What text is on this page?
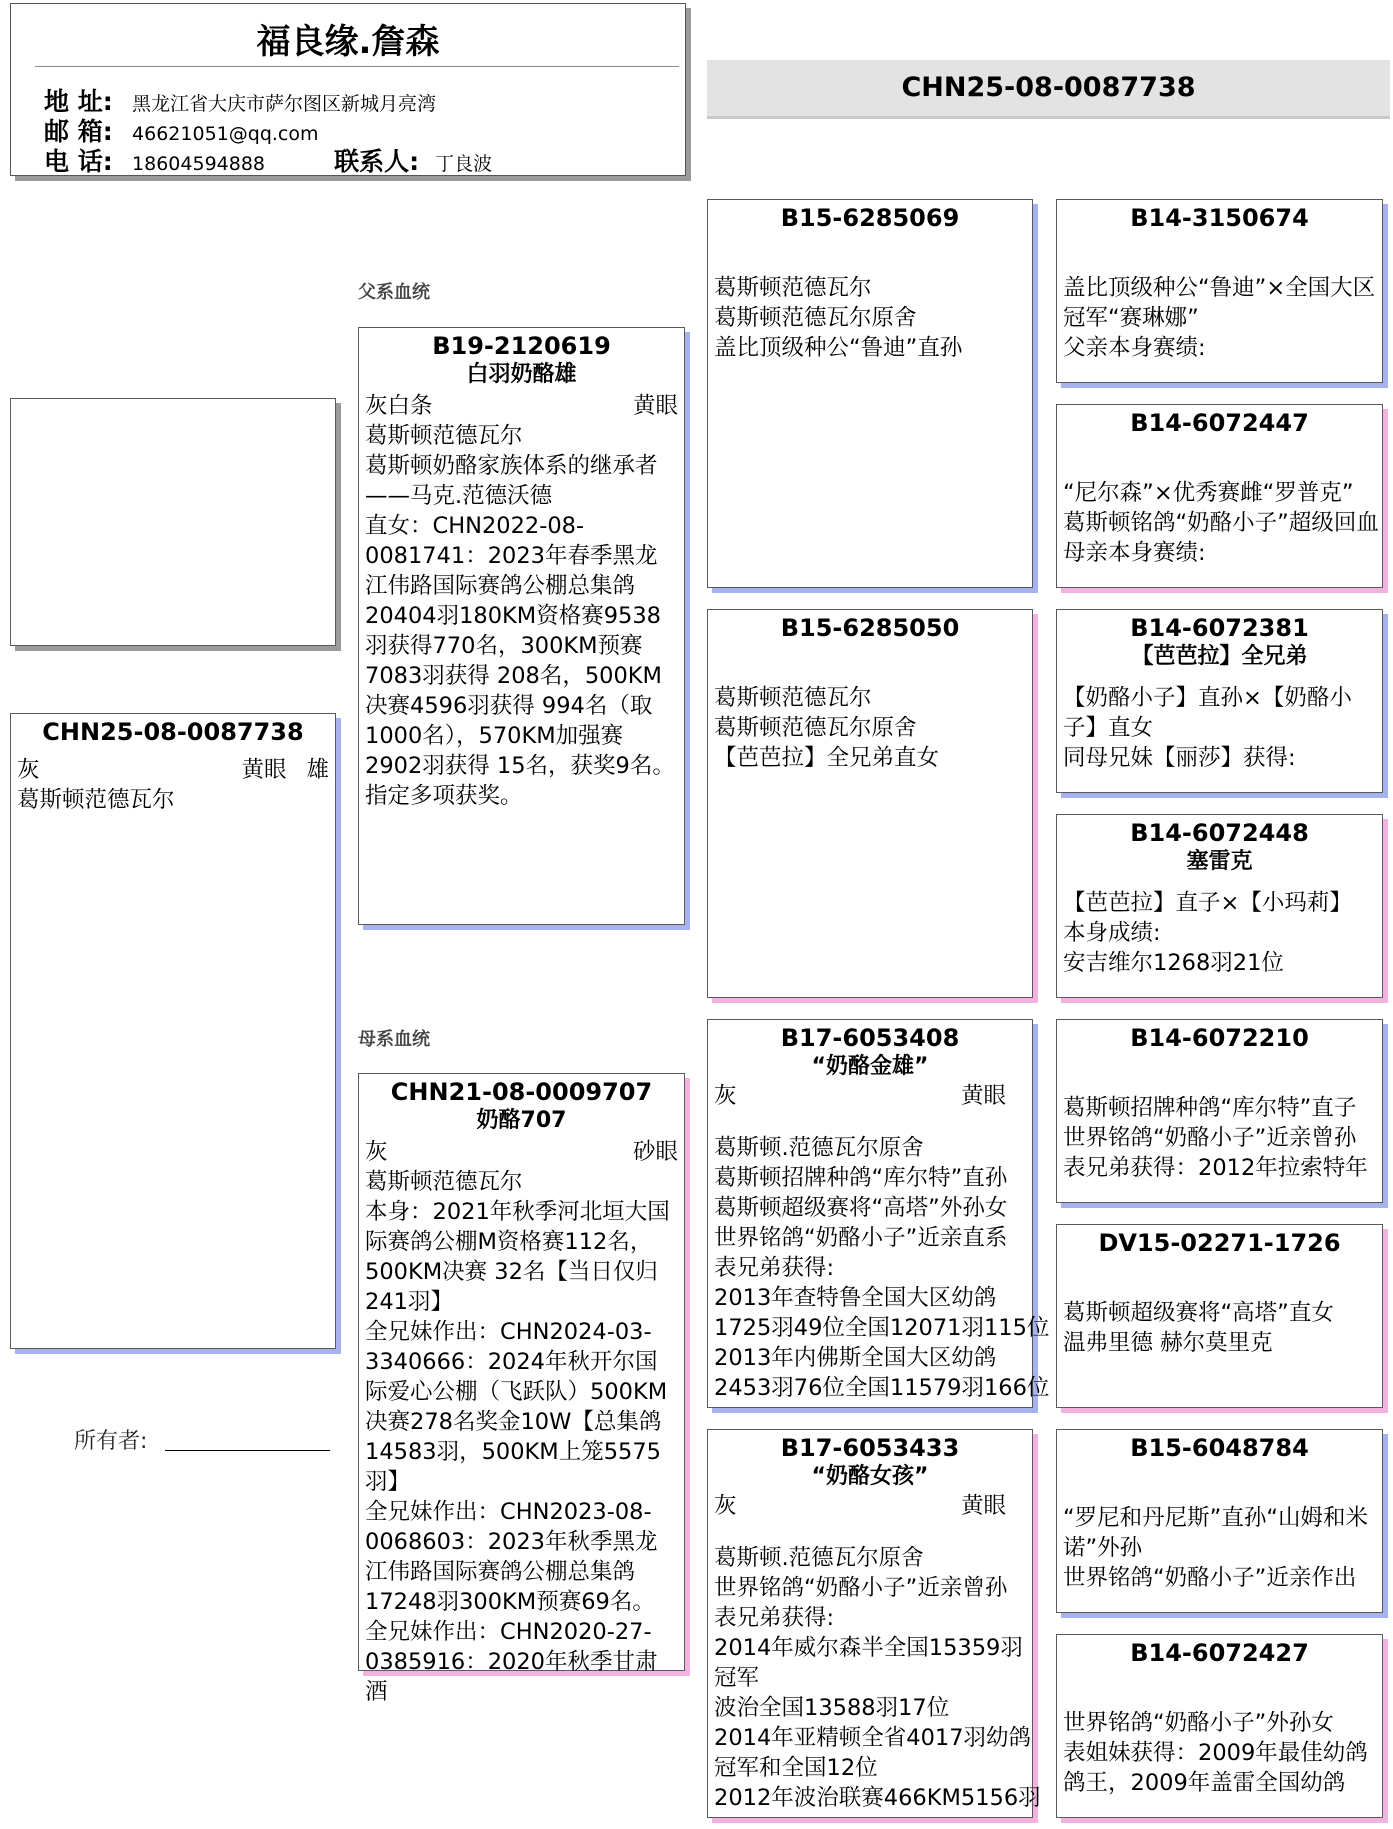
福良缘.詹森
地 址: 黑龙江省大庆市萨尔图区新城月亮湾
邮 箱: 46621051@qq.com
电 话: 18604594888	联系人: 丁良波
CHN25-08-0087738
CHN25-08-0087738
灰	黄眼 雄
葛斯顿范德瓦尔
所有者:
父系血统
母系血统
B19-2120619
白羽奶酪雄
灰白条	黄眼
葛斯顿范德瓦尔
葛斯顿奶酪家族体系的继承者——马克.范德沃德
直女：CHN2022-08-0081741：2023年春季黑龙江伟路国际赛鸽公棚总集鸽20404羽180KM资格赛9538羽获得770名，300KM预赛7083羽获得 208名，500KM决赛4596羽获得 994名（取1000名），570KM加强赛2902羽获得 15名，获奖9名。指定多项获奖。
CHN21-08-0009707
奶酪707
灰	砂眼
葛斯顿范德瓦尔
本身：2021年秋季河北垣大国际赛鸽公棚M资格赛112名，500KM决赛 32名【当日仅归241羽】
全兄妹作出：CHN2024-03-3340666：2024年秋开尔国际爱心公棚（飞跃队）500KM决赛278名奖金10W【总集鸽14583羽，500KM上笼5575羽】
全兄妹作出：CHN2023-08-0068603：2023年秋季黑龙江伟路国际赛鸽公棚总集鸽17248羽300KM预赛69名。
全兄妹作出：CHN2020-27-0385916：2020年秋季甘肃酒
B15-6285069
葛斯顿范德瓦尔
葛斯顿范德瓦尔原舍
盖比顶级种公“鲁迪”直孙
B15-6285050
葛斯顿范德瓦尔
葛斯顿范德瓦尔原舍
【芭芭拉】全兄弟直女
B17-6053408
“奶酪金雄”
灰	黄眼
葛斯顿.范德瓦尔原舍
葛斯顿招牌种鸽“库尔特”直孙
葛斯顿超级赛将“高塔”外孙女
世界铭鸽“奶酪小子”近亲直系
表兄弟获得:
2013年查特鲁全国大区幼鸽
1725羽49位全国12071羽115位
2013年内佛斯全国大区幼鸽
2453羽76位全国11579羽166位
B17-6053433
“奶酪女孩”
灰	黄眼
葛斯顿.范德瓦尔原舍
世界铭鸽“奶酪小子”近亲曾孙
表兄弟获得:
2014年威尔森半全国15359羽
冠军
波治全国13588羽17位
2014年亚精顿全省4017羽幼鸽
冠军和全国12位
2012年波治联赛466KM5156羽
B14-3150674
盖比顶级种公“鲁迪”×全国大区
冠军“赛琳娜”
父亲本身赛绩:
B14-6072447
“尼尔森”×优秀赛雌“罗普克”
葛斯顿铭鸽“奶酪小子”超级回血
母亲本身赛绩:
B14-6072381
【芭芭拉】全兄弟
【奶酪小子】直孙×【奶酪小
子】直女
同母兄妹【丽莎】获得:
B14-6072448
塞雷克
【芭芭拉】直子×【小玛莉】
本身成绩:
安吉维尔1268羽21位
B14-6072210
葛斯顿招牌种鸽“库尔特”直子
世界铭鸽“奶酪小子”近亲曾孙
表兄弟获得：2012年拉索特年
DV15-02271-1726
葛斯顿超级赛将“高塔”直女
温弗里德 赫尔莫里克
B15-6048784
“罗尼和丹尼斯”直孙“山姆和米
诺”外孙
世界铭鸽“奶酪小子”近亲作出
B14-6072427
世界铭鸽“奶酪小子”外孙女
表姐妹获得：2009年最佳幼鸽
鸽王，2009年盖雷全国幼鸽
